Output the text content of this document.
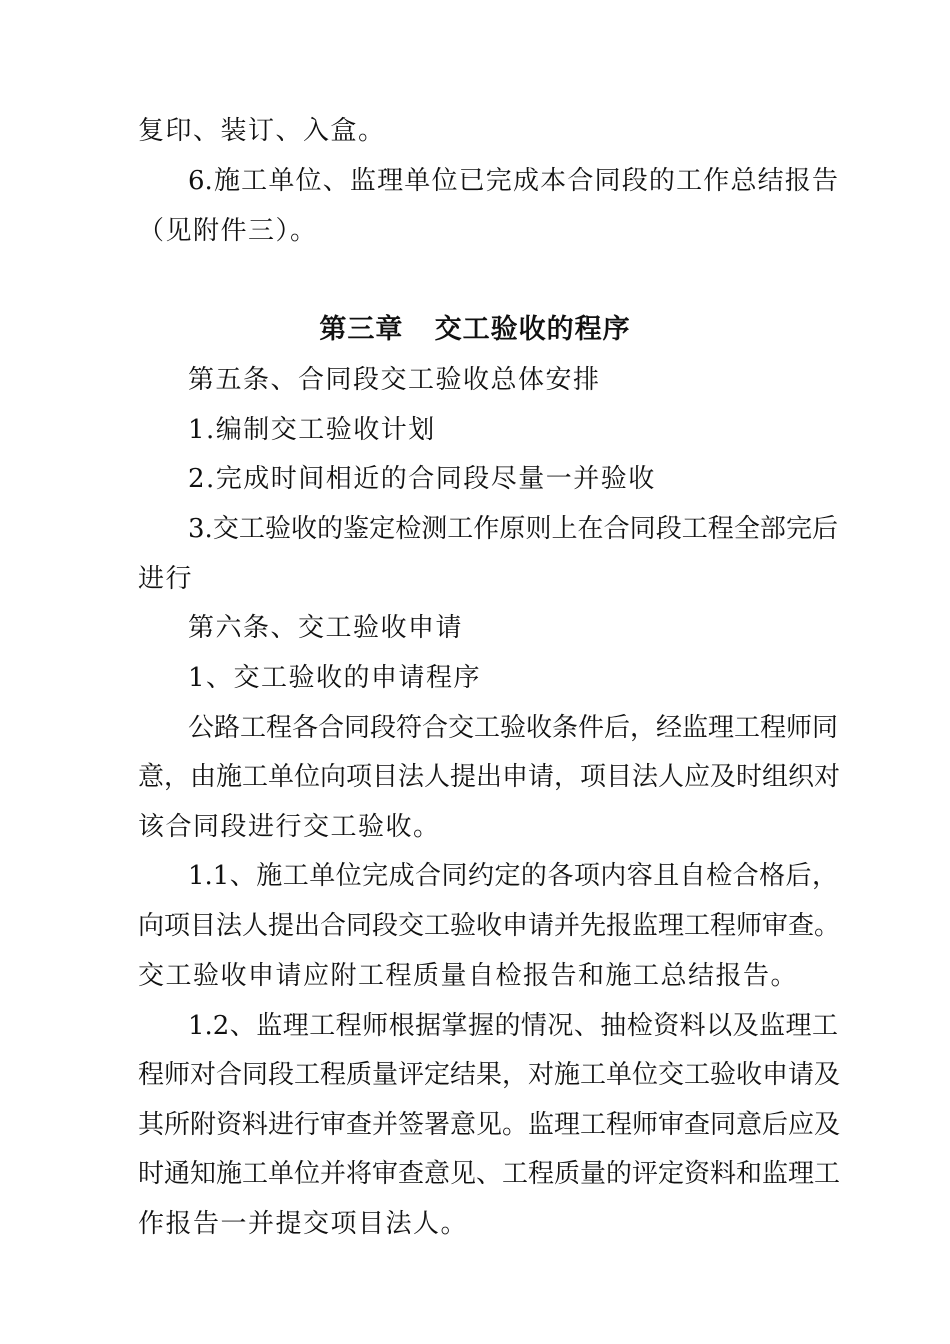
复印、装订、入盒。
6.施工单位、监理单位已完成本合同段的工作总结报告
（见附件三）。
第三章   交工验收的程序
第五条、合同段交工验收总体安排
1.编制交工验收计划
2.完成时间相近的合同段尽量一并验收
3.交工验收的鉴定检测工作原则上在合同段工程全部完后
进行
第六条、交工验收申请
1、交工验收的申请程序
公路工程各合同段符合交工验收条件后，经监理工程师同
意，由施工单位向项目法人提出申请，项目法人应及时组织对
该合同段进行交工验收。
1.1、施工单位完成合同约定的各项内容且自检合格后，
向项目法人提出合同段交工验收申请并先报监理工程师审查。
交工验收申请应附工程质量自检报告和施工总结报告。
1.2、监理工程师根据掌握的情况、抽检资料以及监理工
程师对合同段工程质量评定结果，对施工单位交工验收申请及
其所附资料进行审查并签署意见。监理工程师审查同意后应及
时通知施工单位并将审查意见、工程质量的评定资料和监理工
作报告一并提交项目法人。
